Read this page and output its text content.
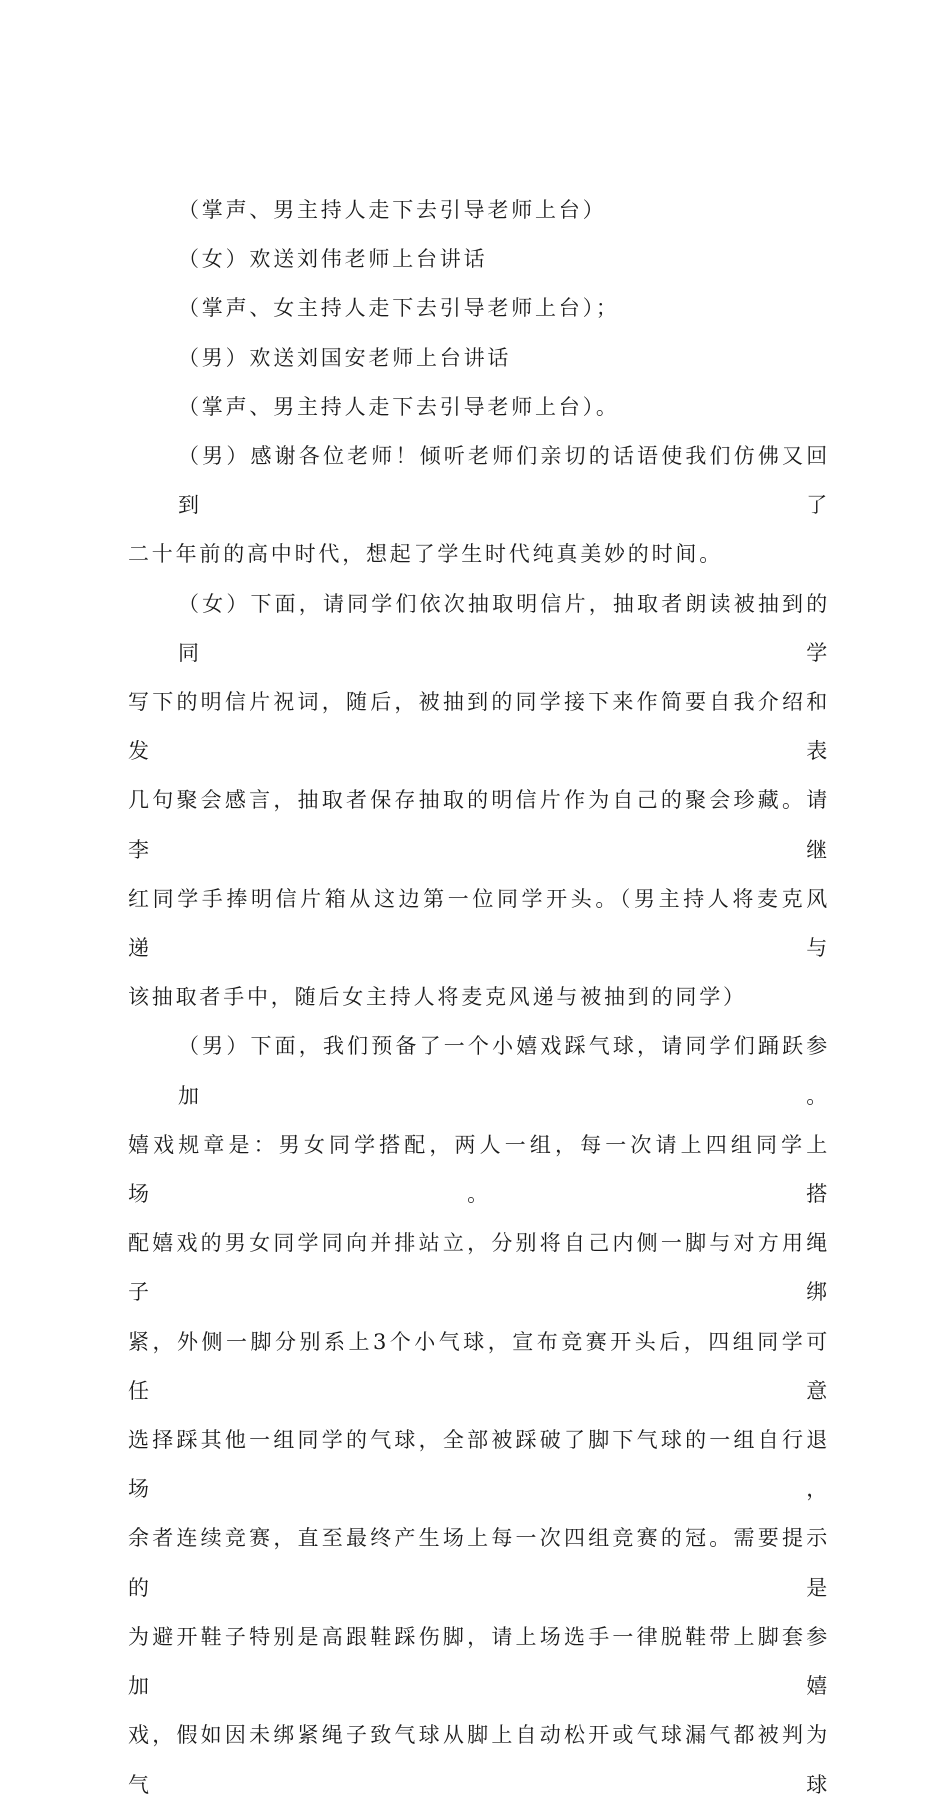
（掌声、男主持人走下去引导老师上台）

（女）欢送刘伟老师上台讲话

（掌声、女主持人走下去引导老师上台）；

（男）欢送刘国安老师上台讲话

（掌声、男主持人走下去引导老师上台）。

（男）感谢各位老师！倾听老师们亲切的话语使我们仿佛又回到了

二十年前的高中时代，想起了学生时代纯真美妙的时间。

（女）下面，请同学们依次抽取明信片，抽取者朗读被抽到的同学

写下的明信片祝词，随后，被抽到的同学接下来作简要自我介绍和发表

几句聚会感言，抽取者保存抽取的明信片作为自己的聚会珍藏。请李继

红同学手捧明信片箱从这边第一位同学开头。（男主持人将麦克风递与

该抽取者手中，随后女主持人将麦克风递与被抽到的同学）

（男）下面，我们预备了一个小嬉戏踩气球，请同学们踊跃参加。

嬉戏规章是：男女同学搭配，两人一组，每一次请上四组同学上场。搭

配嬉戏的男女同学同向并排站立，分别将自己内侧一脚与对方用绳子绑

紧，外侧一脚分别系上3个小气球，宣布竞赛开头后，四组同学可任意

选择踩其他一组同学的气球，全部被踩破了脚下气球的一组自行退场，

余者连续竞赛，直至最终产生场上每一次四组竞赛的冠。需要提示的是

为避开鞋子特别是高跟鞋踩伤脚，请上场选手一律脱鞋带上脚套参加嬉

戏，假如因未绑紧绳子致气球从脚上自动松开或气球漏气都被判为气球
